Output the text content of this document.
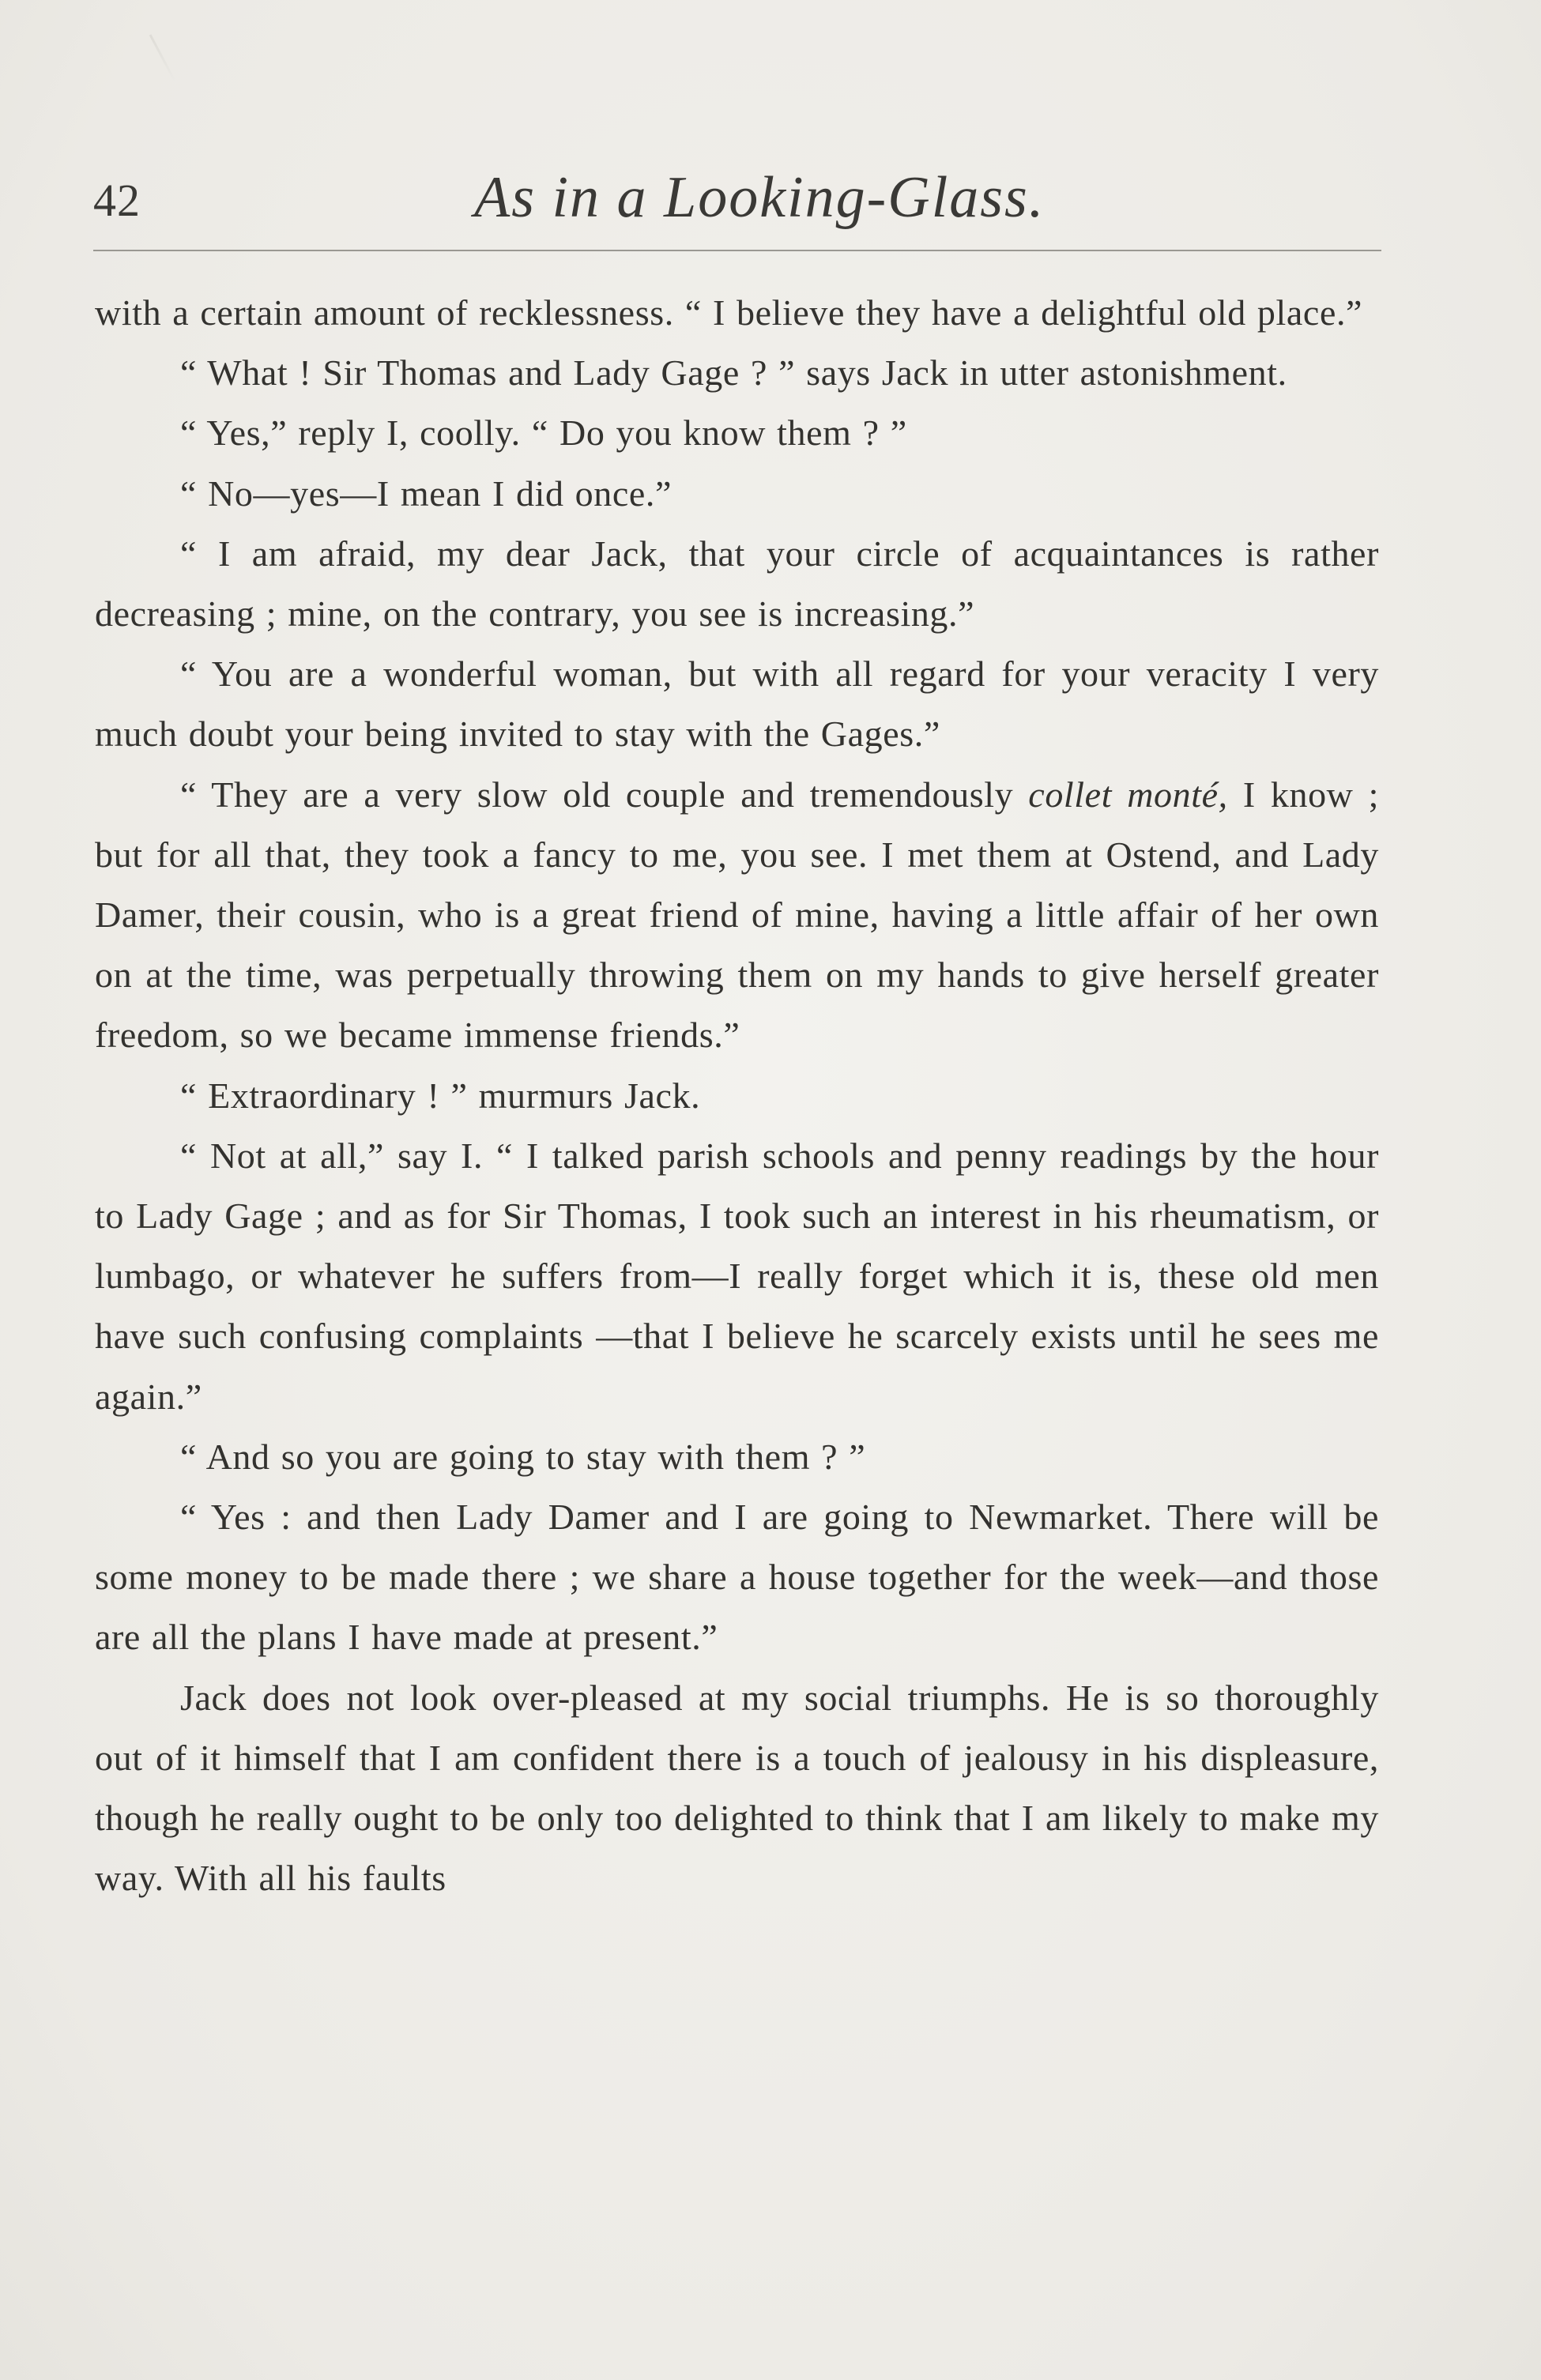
42	As in a Looking-Glass.

with a certain amount of recklessness. “ I believe they have a delightful old place.”

“ What ! Sir Thomas and Lady Gage ? ” says Jack in utter astonishment.

“ Yes,” reply I, coolly. “ Do you know them ? ”

“ No—yes—I mean I did once.”

“ I am afraid, my dear Jack, that your circle of acquaintances is rather decreasing ; mine, on the contrary, you see is increasing.”

“ You are a wonderful woman, but with all regard for your veracity I very much doubt your being invited to stay with the Gages.”

“ They are a very slow old couple and tremendously collet monté, I know ; but for all that, they took a fancy to me, you see. I met them at Ostend, and Lady Damer, their cousin, who is a great friend of mine, having a little affair of her own on at the time, was perpetually throwing them on my hands to give herself greater freedom, so we became immense friends.”

“ Extraordinary ! ” murmurs Jack.

“ Not at all,” say I. “ I talked parish schools and penny readings by the hour to Lady Gage ; and as for Sir Thomas, I took such an interest in his rheumatism, or lumbago, or whatever he suffers from—I really forget which it is, these old men have such confusing complaints —that I believe he scarcely exists until he sees me again.”

“ And so you are going to stay with them ? ”

“ Yes : and then Lady Damer and I are going to Newmarket. There will be some money to be made there ; we share a house together for the week—and those are all the plans I have made at present.”

Jack does not look over-pleased at my social triumphs. He is so thoroughly out of it himself that I am confident there is a touch of jealousy in his displeasure, though he really ought to be only too delighted to think that I am likely to make my way. With all his faults
